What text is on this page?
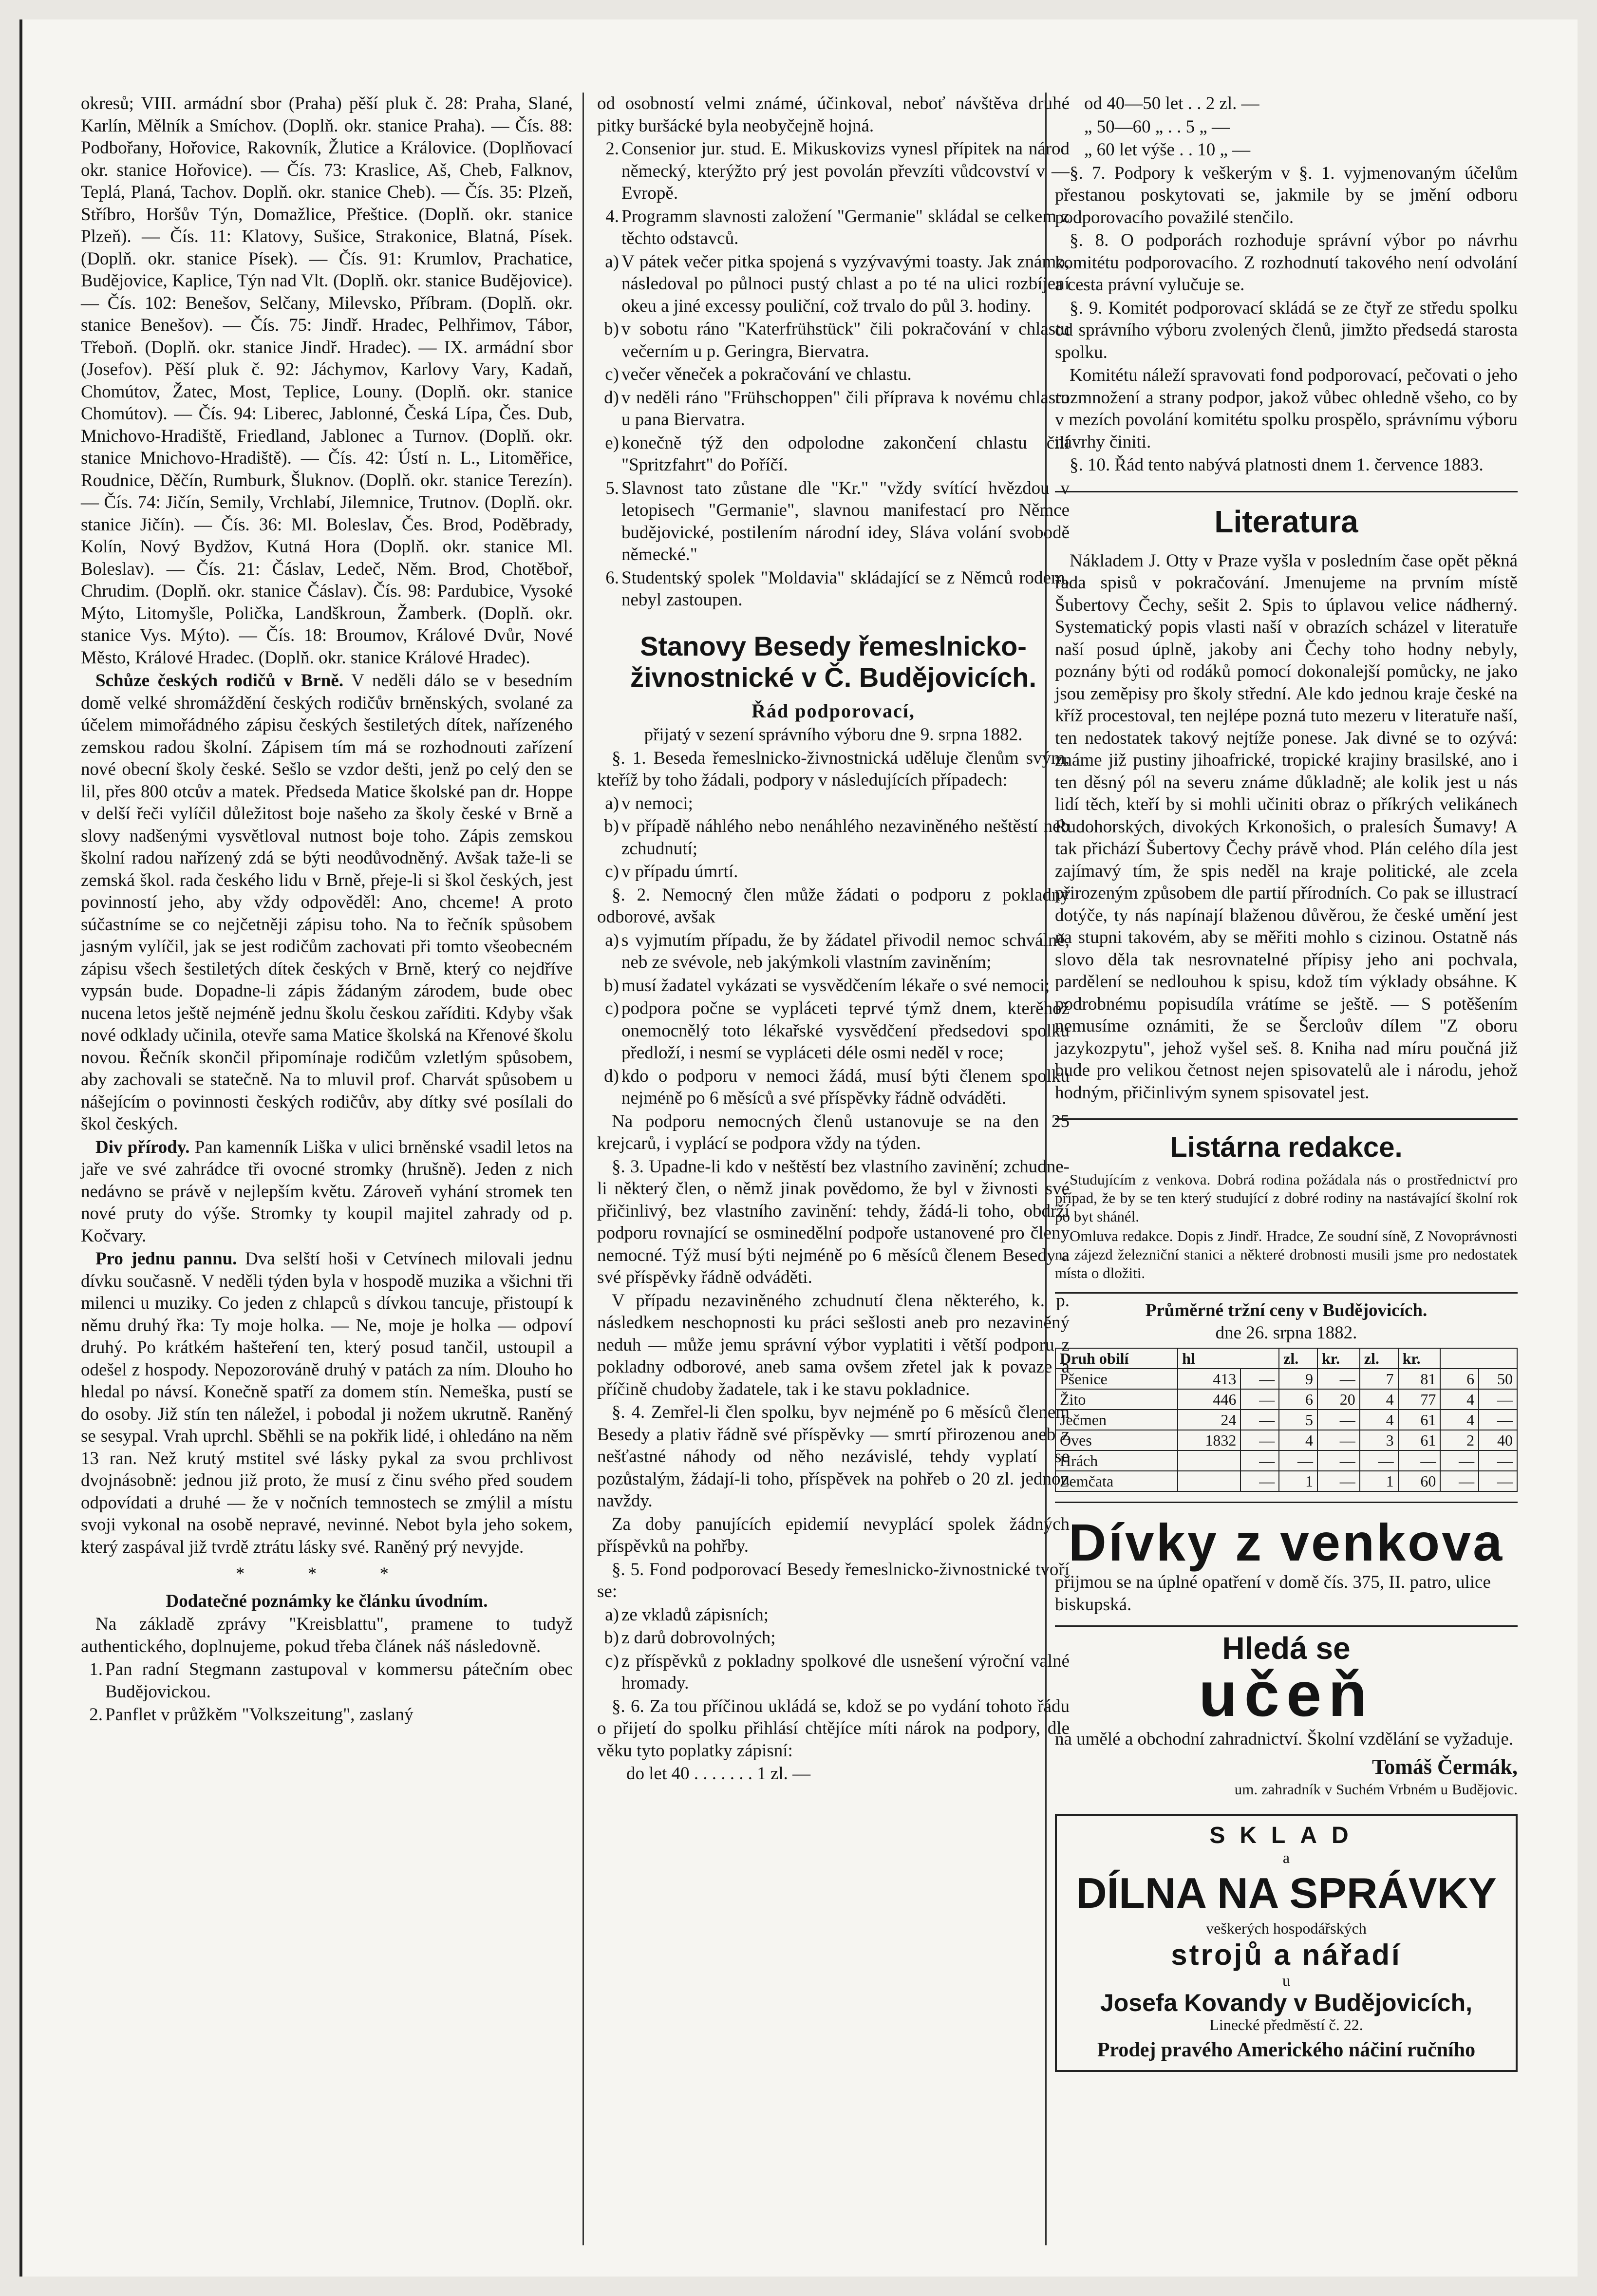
okresů; VIII. armádní sbor (Praha) pěší pluk č. 28: Praha, Slané, Karlín, Mělník a Smíchov. (Doplň. okr. stanice Praha). — Čís. 88: Podbořany, Hořovice, Rakovník, Žlutice a Královice. (Doplňovací okr. stanice Hořovice). — Čís. 73: Kraslice, Aš, Cheb, Falknov, Teplá, Planá, Tachov. Doplň. okr. stanice Cheb). — Čís. 35: Plzeň, Stříbro, Horšův Týn, Domažlice, Přeštice. (Doplň. okr. stanice Plzeň). — Čís. 11: Klatovy, Sušice, Strakonice, Blatná, Písek. (Doplň. okr. stanice Písek). — Čís. 91: Krumlov, Prachatice, Budějovice, Kaplice, Týn nad Vlt. (Doplň. okr. stanice Budějovice). — Čís. 102: Benešov, Selčany, Milevsko, Příbram. (Doplň. okr. stanice Benešov). — Čís. 75: Jindř. Hradec, Pelhřimov, Tábor, Třeboň. (Doplň. okr. stanice Jindř. Hradec). — IX. armádní sbor (Josefov). Pěší pluk č. 92: Jáchymov, Karlovy Vary, Kadaň, Chomútov, Žatec, Most, Teplice, Louny. (Doplň. okr. stanice Chomútov). — Čís. 94: Liberec, Jablonné, Česká Lípa, Čes. Dub, Mnichovo-Hradiště, Friedland, Jablonec a Turnov. (Doplň. okr. stanice Mnichovo-Hradiště). — Čís. 42: Ústí n. L., Litoměřice, Roudnice, Děčín, Rumburk, Šluknov. (Doplň. okr. stanice Terezín). — Čís. 74: Jičín, Semily, Vrchlabí, Jilemnice, Trutnov. (Doplň. okr. stanice Jičín). — Čís. 36: Ml. Boleslav, Čes. Brod, Poděbrady, Kolín, Nový Bydžov, Kutná Hora (Doplň. okr. stanice Ml. Boleslav). — Čís. 21: Čáslav, Ledeč, Něm. Brod, Chotěboř, Chrudim. (Doplň. okr. stanice Čáslav). Čís. 98: Pardubice, Vysoké Mýto, Litomyšle, Polička, Landškroun, Žamberk. (Doplň. okr. stanice Vys. Mýto). — Čís. 18: Broumov, Králové Dvůr, Nové Město, Králové Hradec. (Doplň. okr. stanice Králové Hradec).

Schůze českých rodičů v Brně. V neděli dálo se v besedním domě velké shromáždění českých rodičův brněnských, svolané za účelem mimořádného zápisu českých šestiletých dítek, nařízeného zemskou radou školní. Zápisem tím má se rozhodnouti zařízení nové obecní školy české. Sešlo se vzdor dešti, jenž po celý den se lil, přes 800 otcův a matek. Předseda Matice školské pan dr. Hoppe v delší řeči vylíčil důležitost boje našeho za školy české v Brně a slovy nadšenými vysvětloval nutnost boje toho. Zápis zemskou školní radou nařízený zdá se býti neodůvodněný. Avšak taže-li se zemská škol. rada českého lidu v Brně, přeje-li si škol českých, jest povinností jeho, aby vždy odpověděl: Ano, chceme! A proto súčastníme se co nejčetněji zápisu toho. Na to řečník spůsobem jasným vylíčil, jak se jest rodičům zachovati při tomto všeobecném zápisu všech šestiletých dítek českých v Brně, který co nejdříve vypsán bude. Dopadne-li zápis žádaným zárodem, bude obec nucena letos ještě nejméně jednu školu českou zaříditi. Kdyby však nové odklady učinila, otevře sama Matice školská na Křenové školu novou. Řečník skončil připomínaje rodičům vzletlým spůsobem, aby zachovali se statečně. Na to mluvil prof. Charvát spůsobem u nášejícím o povinnosti českých rodičův, aby dítky své posílali do škol českých.

Div přírody. Pan kamenník Liška v ulici brněnské vsadil letos na jaře ve své zahrádce tři ovocné stromky (hrušně). Jeden z nich nedávno se právě v nejlepším květu. Zároveň vyhání stromek ten nové pruty do výše. Stromky ty koupil majitel zahrady od p. Kočvary.

Pro jednu pannu. Dva selští hoši v Cetvínech milovali jednu dívku současně. V neděli týden byla v hospodě muzika a všichni tři milenci u muziky. Co jeden z chlapců s dívkou tancuje, přistoupí k němu druhý řka: Ty moje holka. — Ne, moje je holka — odpoví druhý. Po krátkém hašteření ten, který posud tančil, ustoupil a odešel z hospody. Nepozorováně druhý v patách za ním. Dlouho ho hledal po návsí. Konečně spatří za domem stín. Nemeška, pustí se do osoby. Již stín ten náležel, i pobodal ji nožem ukrutně. Raněný se sesypal. Vrah uprchl. Sběhli se na pokřik lidé, i ohledáno na něm 13 ran. Než krutý mstitel své lásky pykal za svou prchlivost dvojnásobně: jednou již proto, že musí z činu svého před soudem odpovídati a druhé — že v nočních temnostech se zmýlil a místu svoji vykonal na osobě nepravé, nevinné. Nebot byla jeho sokem, který zaspával již tvrdě ztrátu lásky své. Raněný prý nevyjde.

* * *

Dodatečné poznámky ke článku úvodním.

Na základě zprávy "Kreisblattu", pramene to tudyž authentického, doplnujeme, pokud třeba článek náš následovně.

1. Pan radní Stegmann zastupoval v kommersu pátečním obec Budějovickou.

2. Panflet v průžkěm "Volkszeitung", zaslaný

od osobností velmi známé, účinkoval, neboť návštěva druhé pitky buršácké byla neobyčejně hojná.

2. Consenior jur. stud. E. Mikuskovizs vynesl přípitek na národ německý, kterýžto prý jest povolán převzíti vůdcovství v — Evropě.

4. Programm slavnosti založení "Germanie" skládal se celkem z těchto odstavců.

a) V pátek večer pitka spojená s vyzývavými toasty. Jak známo, následoval po půlnoci pustý chlast a po té na ulici rozbíjení okeu a jiné excessy pouliční, což trvalo do půl 3. hodiny.

b) v sobotu ráno "Katerfrühstück" čili pokračování v chlastu večerním u p. Geringra, Biervatra.

c) večer věneček a pokračování ve chlastu.

d) v neděli ráno "Frühschoppen" čili příprava k novému chlastu u pana Biervatra.

e) konečně týž den odpolodne zakončení chlastu čili "Spritzfahrt" do Poříčí.

5. Slavnost tato zůstane dle "Kr." "vždy svítící hvězdou v letopisech "Germanie", slavnou manifestací pro Němce budějovické, postilením národní idey, Sláva volání svobodě německé."

6. Studentský spolek "Moldavia" skládající se z Němců rodem, nebyl zastoupen.

Stanovy Besedy řemeslnicko-živnostnické v Č. Budějovicích.
Řád podporovací,

přijatý v sezení správního výboru dne 9. srpna 1882.

§. 1. Beseda řemeslnicko-živnostnická uděluje členům svým, kteříž by toho žádali, podpory v následujících případech:

a) v nemoci;

b) v případě náhlého nebo nenáhlého nezaviněného neštěstí neb zchudnutí;

c) v případu úmrtí.

§. 2. Nemocný člen může žádati o podporu z pokladny odborové, avšak

a) s vyjmutím případu, že by žádatel přivodil nemoc schválně, neb ze svévole, neb jakýmkoli vlastním zaviněním;

b) musí žadatel vykázati se vysvědčením lékaře o své nemoci;

c) podpora počne se vypláceti teprvé týmž dnem, kterěhož onemocnělý toto lékařské vysvědčení předsedovi spolku předloží, i nesmí se vypláceti déle osmi neděl v roce;

d) kdo o podporu v nemoci žádá, musí býti členem spolku nejméně po 6 měsíců a své příspěvky řádně odváděti.

Na podporu nemocných členů ustanovuje se na den 25 krejcarů, i vyplácí se podpora vždy na týden.

§. 3. Upadne-li kdo v neštěstí bez vlastního zavinění; zchudne-li některý člen, o němž jinak povědomo, že byl v živnosti své přičinlivý, bez vlastního zavinění: tehdy, žádá-li toho, obdrží podporu rovnající se osminedělní podpoře ustanovené pro členy nemocné. Týž musí býti nejméně po 6 měsíců členem Besedy a své příspěvky řádně odváděti.

V případu nezaviněného zchudnutí člena některého, k. p. následkem neschopnosti ku práci sešlosti aneb pro nezaviněný neduh — může jemu správní výbor vyplatiti i větší podporu z pokladny odborové, aneb sama ovšem zřetel jak k povaze a příčině chudoby žadatele, tak i ke stavu pokladnice.

§. 4. Zemřel-li člen spolku, byv nejméně po 6 měsíců členem Besedy a plativ řádně své příspěvky — smrtí přirozenou aneb z nešťastné náhody od něho nezávislé, tehdy vyplatí se pozůstalým, žádají-li toho, příspěvek na pohřeb o 20 zl. jednou navždy.

Za doby panujících epidemií nevyplácí spolek žádných příspěvků na pohřby.

§. 5. Fond podporovací Besedy řemeslnicko-živnostnické tvoří se:

a) ze vkladů zápisních;

b) z darů dobrovolných;

c) z příspěvků z pokladny spolkové dle usnešení výroční valné hromady.

§. 6. Za tou příčinou ukládá se, kdož se po vydání tohoto řádu o přijetí do spolku přihlásí chtějíce míti nárok na podpory, dle věku tyto poplatky zápisní:

do let 40 . . . . . . . 1 zl. —

od 40—50 let . . 2 zl. —

„ 50—60 „ . . 5 „ —

„ 60 let výše . . 10 „ —

§. 7. Podpory k veškerým v §. 1. vyjmenovaným účelům přestanou poskytovati se, jakmile by se jmění odboru podporovacího považilé stenčilo.

§. 8. O podporách rozhoduje správní výbor po návrhu komitétu podporovacího. Z rozhodnutí takového není odvolání a cesta právní vylučuje se.

§. 9. Komitét podporovací skládá se ze čtyř ze středu spolku od správního výboru zvolených členů, jimžto předsedá starosta spolku.

Komitétu náleží spravovati fond podporovací, pečovati o jeho rozmnožení a strany podpor, jakož vůbec ohledně všeho, co by v mezích povolání komitétu spolku prospělo, správnímu výboru návrhy činiti.

§. 10. Řád tento nabývá platnosti dnem 1. července 1883.

Literatura

Nákladem J. Otty v Praze vyšla v posledním čase opět pěkná řada spisů v pokračování. Jmenujeme na prvním místě Šubertovy Čechy, sešit 2. Spis to úplavou velice nádherný. Systematický popis vlasti naší v obrazích scházel v literatuře naší posud úplně, jakoby ani Čechy toho hodny nebyly, poznány býti od rodáků pomocí dokonalejší pomůcky, ne jako jsou zeměpisy pro školy střední. Ale kdo jednou kraje české na kříž procestoval, ten nejlépe pozná tuto mezeru v literatuře naší, ten nedostatek takový nejtíže ponese. Jak divné se to ozývá: známe již pustiny jihoafrické, tropické krajiny brasilské, ano i ten děsný pól na severu známe důkladně; ale kolik jest u nás lidí těch, kteří by si mohli učiniti obraz o příkrých velikánech Rudohorských, divokých Krkonošich, o pralesích Šumavy! A tak přichází Šubertovy Čechy právě vhod. Plán celého díla jest zajímavý tím, že spis neděl na kraje politické, ale zcela přirozeným způsobem dle partií přírodních. Co pak se illustrací dotýče, ty nás napínají blaženou důvěrou, že české umění jest na stupni takovém, aby se měřiti mohlo s cizinou. Ostatně nás slovo děla tak nesrovnatelné přípisy jeho ani pochvala, pardělení se nedlouhou k spisu, kdož tím výklady obsáhne. K podrobnému popisudíla vrátíme se ještě. — S potěšením nemusíme oznámiti, že se Šercloův dílem "Z oboru jazykozpytu", jehož vyšel seš. 8. Kniha nad míru poučná již bude pro velikou četnost nejen spisovatelů ale i národu, jehož hodným, přičinlivým synem spisovatel jest.

Listárna redakce.

Studujícím z venkova. Dobrá rodina požádala nás o prostřednictví pro případ, že by se ten který studující z dobré rodiny na nastávající školní rok po byt shánél.

Omluva redakce. Dopis z Jindř. Hradce, Ze soudní síně, Z Novoprávnosti na zájezd železniční stanici a některé drobnosti musili jsme pro nedostatek místa o dložiti.

Průměrné tržní ceny v Budějovicích.
dne 26. srpna 1882.
Druh obilí	hl		zl.	kr.	zl.	kr.		
Pšenice	413	—	9	—	7	81	6	50
Žito	446	—	6	20	4	77	4	—
Ječmen	24	—	5	—	4	61	4	—
Oves	1832	—	4	—	3	61	2	40
Hrách		—	—	—	—	—	—	—
Zemčata		—	1	—	1	60	—	—
Dívky z venkova

přijmou se na úplné opatření v domě čís. 375, II. patro, ulice biskupská.

Hledá se
učeň

na umělé a obchodní zahradnictví. Školní vzdělání se vyžaduje.

Tomáš Čermák,
um. zahradník v Suchém Vrbném u Budějovic.
SKLAD
a
DÍLNA NA SPRÁVKY
veškerých hospodářských
strojů a nářadí
u
Josefa Kovandy v Budějovicích,
Linecké předměstí č. 22.
Prodej pravého Amerického náčiní ručního
